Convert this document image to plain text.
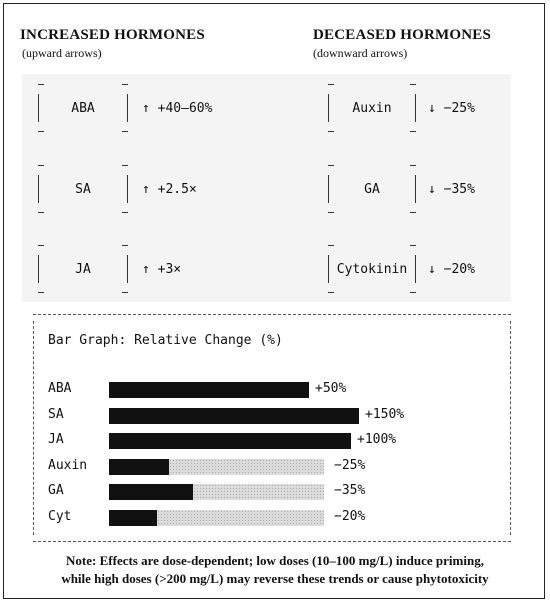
INCREASED HORMONES
(upward arrows)
DECEASED HORMONES
(downward arrows)
ABA	↑ +40–60%
SA	↑ +2.5×
JA	↑ +3×
Auxin	↓ −25%
GA	↓ −35%
Cytokinin ↓ −20%
Bar Graph: Relative Change (%)
ABA	+50%
SA	+150%
JA	+100%
Auxin	−25%
GA	−35%
Cyt	−20%
Note: Effects are dose-dependent; low doses (10–100 mg/L) induce priming,
while high doses (>200 mg/L) may reverse these trends or cause phytotoxicity
